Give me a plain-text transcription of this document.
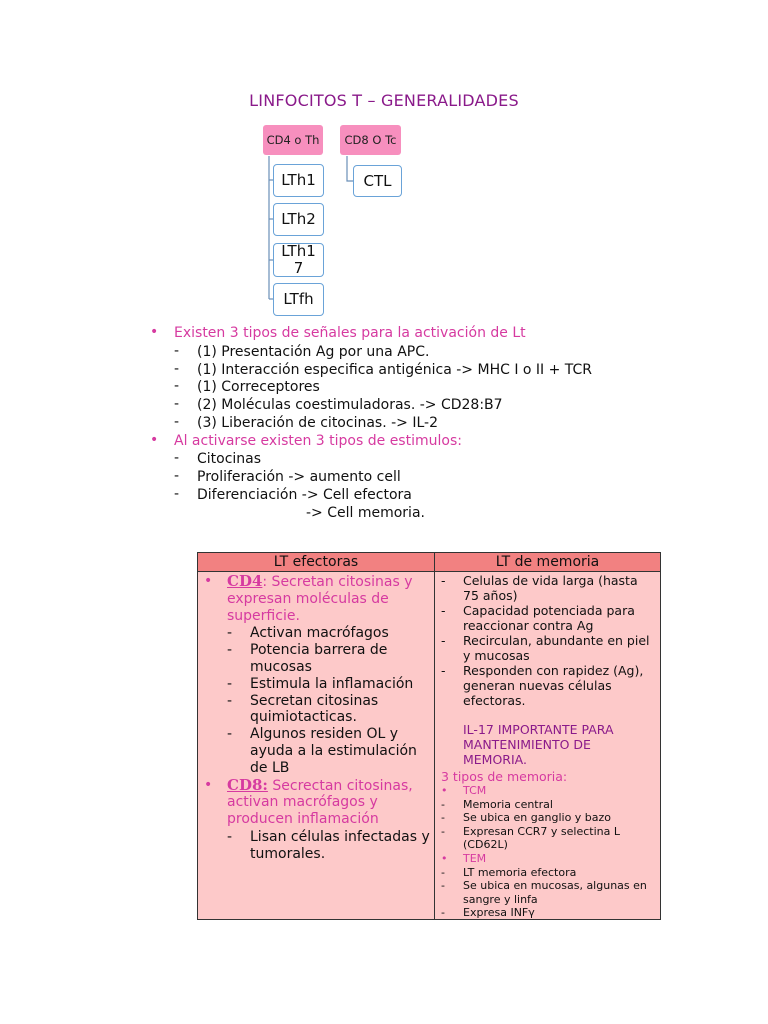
LINFOCITOS T – GENERALIDADES
CD4 o Th	CD8 O Tc
LTh1
LTh2
LTh1
7
LTfh
CTL
• Existen 3 tipos de señales para la activación de Lt
- (1) Presentación Ag por una APC.
- (1) Interacción especifica antigénica -> MHC I o II + TCR
- (1) Correceptores
- (2) Moléculas coestimuladoras. -> CD28:B7
- (3) Liberación de citocinas. -> IL-2
• Al activarse existen 3 tipos de estimulos:
- Citocinas
- Proliferación -> aumento cell
- Diferenciación -> Cell efectora
-> Cell memoria.
LT efectoras	LT de memoria
• CD4: Secretan citosinas y expresan moléculas de superficie.
- Activan macrófagos
- Potencia barrera de mucosas
- Estimula la inflamación
- Secretan citosinas quimiotacticas.
- Algunos residen OL y ayuda a la estimulación de LB
• CD8: Secrectan citosinas, activan macrófagos y producen inflamación
- Lisan células infectadas y tumorales.
- Celulas de vida larga (hasta 75 años)
- Capacidad potenciada para reaccionar contra Ag
- Recirculan, abundante en piel y mucosas
- Responden con rapidez (Ag), generan nuevas células efectoras.
IL-17 IMPORTANTE PARA MANTENIMIENTO DE MEMORIA.
3 tipos de memoria:
• TCM
- Memoria central
- Se ubica en ganglio y bazo
- Expresan CCR7 y selectina L (CD62L)
• TEM
- LT memoria efectora
- Se ubica en mucosas, algunas en sangre y linfa
- Expresa INFγ
